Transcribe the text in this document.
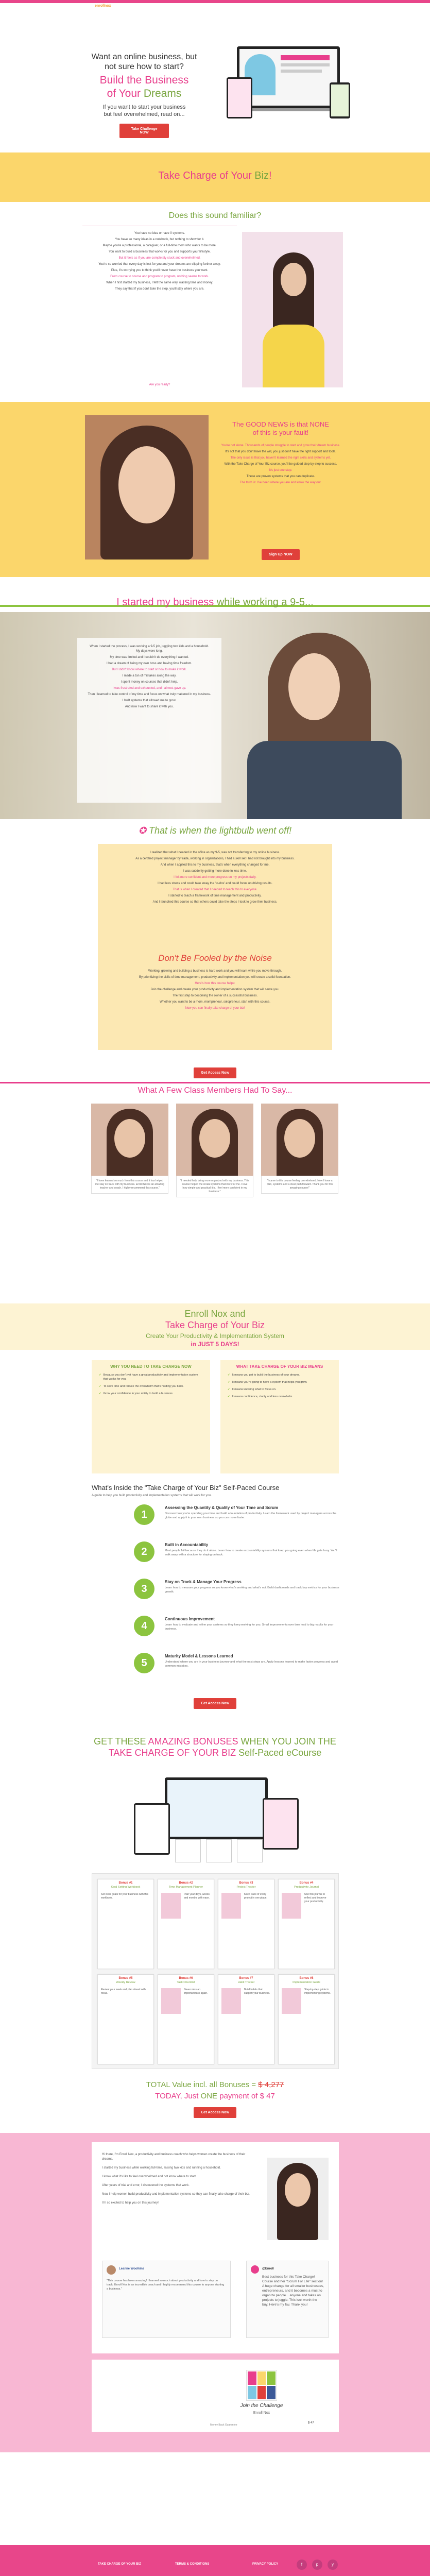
enrollnox
Want an online business, but
not sure how to start?
Build the Business
of Your Dreams
If you want to start your business
but feel overwhelmed, read on...
Take Challenge NOW
Take Charge of Your Biz!
Does this sound familiar?
You have no idea or have 0 systems.
You have so many ideas in a notebook, but nothing to show for it.
Maybe you're a professional, a caregiver, or a full-time mom who wants to be more.
You want to build a business that works for you and supports your lifestyle.
But it feels as if you are completely stuck and overwhelmed.
You're so worried that every day is lost for you and your dreams are slipping further away.
Plus, it's worrying you to think you'll never have the business you want.
From course to course and program to program, nothing seems to work.
When I first started my business, I felt the same way, wasting time and money.
They say that if you don't take the step, you'll stay where you are.
Are you ready?
The GOOD NEWS is that NONE
of this is your fault!
You're not alone. Thousands of people struggle to start and grow their dream business.
It's not that you don't have the will, you just don't have the right support and tools.
The only issue is that you haven't learned the right skills and systems yet.
With the Take Charge of Your Biz course, you'll be guided step-by-step to success.
It's just one step.
These are proven systems that you can duplicate.
The truth is: I've been where you are and know the way out.
Sign Up NOW
I started my business while working a 9-5...
When I started the process, I was working a 9-5 job, juggling two kids and a household. My days were long.
My time was limited and I couldn't do everything I wanted.
I had a dream of being my own boss and having time freedom.
But I didn't know where to start or how to make it work.
I made a ton of mistakes along the way.
I spent money on courses that didn't help.
I was frustrated and exhausted, and I almost gave up.
Then I learned to take control of my time and focus on what truly mattered in my business.
I built systems that allowed me to grow.
And now I want to share it with you.
✪ That is when the lightbulb went off!
I realized that what I needed in the office as my 9-5, was not transferring to my online business.
As a certified project manager by trade, working in organizations, I had a skill set I had not brought into my business.
And when I applied this to my business, that's when everything changed for me.
I was suddenly getting more done in less time.
I felt more confident and more progress on my projects daily.
I had less stress and could take away the 'to-dos' and could focus on driving results.
That is when I created that I needed to teach this to everyone.
I started to teach a framework of time management and productivity.
And I launched this course so that others could take the steps I took to grow their business.
Don't Be Fooled by the Noise
Working, growing and building a business is hard work and you will learn while you move through.
By prioritizing the skills of time management, productivity and implementation you will create a solid foundation.
Here's how this course helps:
Join the challenge and create your productivity and implementation system that will serve you.
The first step to becoming the owner of a successful business.
Whether you want to be a mom, mompreneur, solopreneur, start with this course.
Now you can finally take charge of your biz!
Get Access Now
What A Few Class Members Had To Say...
"I have learned so much from this course and it has helped me stay on track with my business. Enroll Nox is an amazing teacher and coach. I highly recommend this course."
"I needed help being more organized with my business. This course helped me create systems that work for me. I love how simple and practical it is. I feel more confident in my business."
"I came to this course feeling overwhelmed. Now I have a plan, systems and a clear path forward. Thank you for this amazing course!"
Enroll Nox and
Take Charge of Your Biz
Create Your Productivity & Implementation System
in JUST 5 DAYS!
WHY YOU NEED TO TAKE CHARGE NOW
✔ Because you don't yet have a great productivity and implementation system that works for you.
✔ To save time and reduce the overwhelm that's holding you back.
✔ Grow your confidence in your ability to build a business.
WHAT TAKE CHARGE OF YOUR BIZ MEANS
✔ It means you get to build the business of your dreams.
✔ It means you're going to have a system that helps you grow.
✔ It means knowing what to focus on.
✔ It means confidence, clarity and less overwhelm.
What's Inside the "Take Charge of Your Biz" Self-Paced Course
A guide to help you build productivity and implementation systems that will work for you.
1
Assessing the Quantity & Quality of Your Time and Scrum
Discover how you're spending your time and build a foundation of productivity. Learn the framework used by project managers across the globe and apply it to your own business so you can move faster.
2
Built in Accountability
Most people fail because they do it alone. Learn how to create accountability systems that keep you going even when life gets busy. You'll walk away with a structure for staying on track.
3
Stay on Track & Manage Your Progress
Learn how to measure your progress so you know what's working and what's not. Build dashboards and track key metrics for your business growth.
4
Continuous Improvement
Learn how to evaluate and refine your systems so they keep working for you. Small improvements over time lead to big results for your business.
5
Maturity Model & Lessons Learned
Understand where you are in your business journey and what the next steps are. Apply lessons learned to make faster progress and avoid common mistakes.
Get Access Now
GET THESE AMAZING BONUSES WHEN YOU JOIN THE
TAKE CHARGE OF YOUR BIZ Self-Paced eCourse
Bonus #1
Goal Setting Workbook
Set clear goals for your business with this workbook.
Bonus #2
Time Management Planner
Plan your days, weeks and months with ease.
Bonus #3
Project Tracker
Keep track of every project in one place.
Bonus #4
Productivity Journal
Use this journal to reflect and improve your productivity.
Bonus #5
Weekly Review
Review your week and plan ahead with focus.
Bonus #6
Task Checklist
Never miss an important task again.
Bonus #7
Habit Tracker
Build habits that support your business.
Bonus #8
Implementation Guide
Step-by-step guide to implementing systems.
TOTAL Value incl. all Bonuses = $ 4,277
TODAY, Just ONE payment of $ 47
Get Access Now
Hi there, I'm Enroll Nox, a productivity and business coach who helps women create the business of their dreams.
I started my business while working full-time, raising two kids and running a household.
I know what it's like to feel overwhelmed and not know where to start.
After years of trial and error, I discovered the systems that work.
Now I help women build productivity and implementation systems so they can finally take charge of their biz.
I'm so excited to help you on this journey!
Leanne Woolkins
"This course has been amazing! I learned so much about productivity and how to stay on track. Enroll Nox is an incredible coach and I highly recommend this course to anyone starting a business."
@Enroll
Best business for this Take Charge! Course and her "Scrum For Life" section! A huge change for all smaller businesses, entrepreneurs, and it becomes a must to organize people... anyone and takes on projects to juggle. This isn't worth the buy. Here's my fav. Thank you!
Join the Challenge
Enroll Nox
$ 47
Money Back Guarantee
TAKE CHARGE OF YOUR BIZ	TERMS & CONDITIONS	PRIVACY POLICY	f	p	y
